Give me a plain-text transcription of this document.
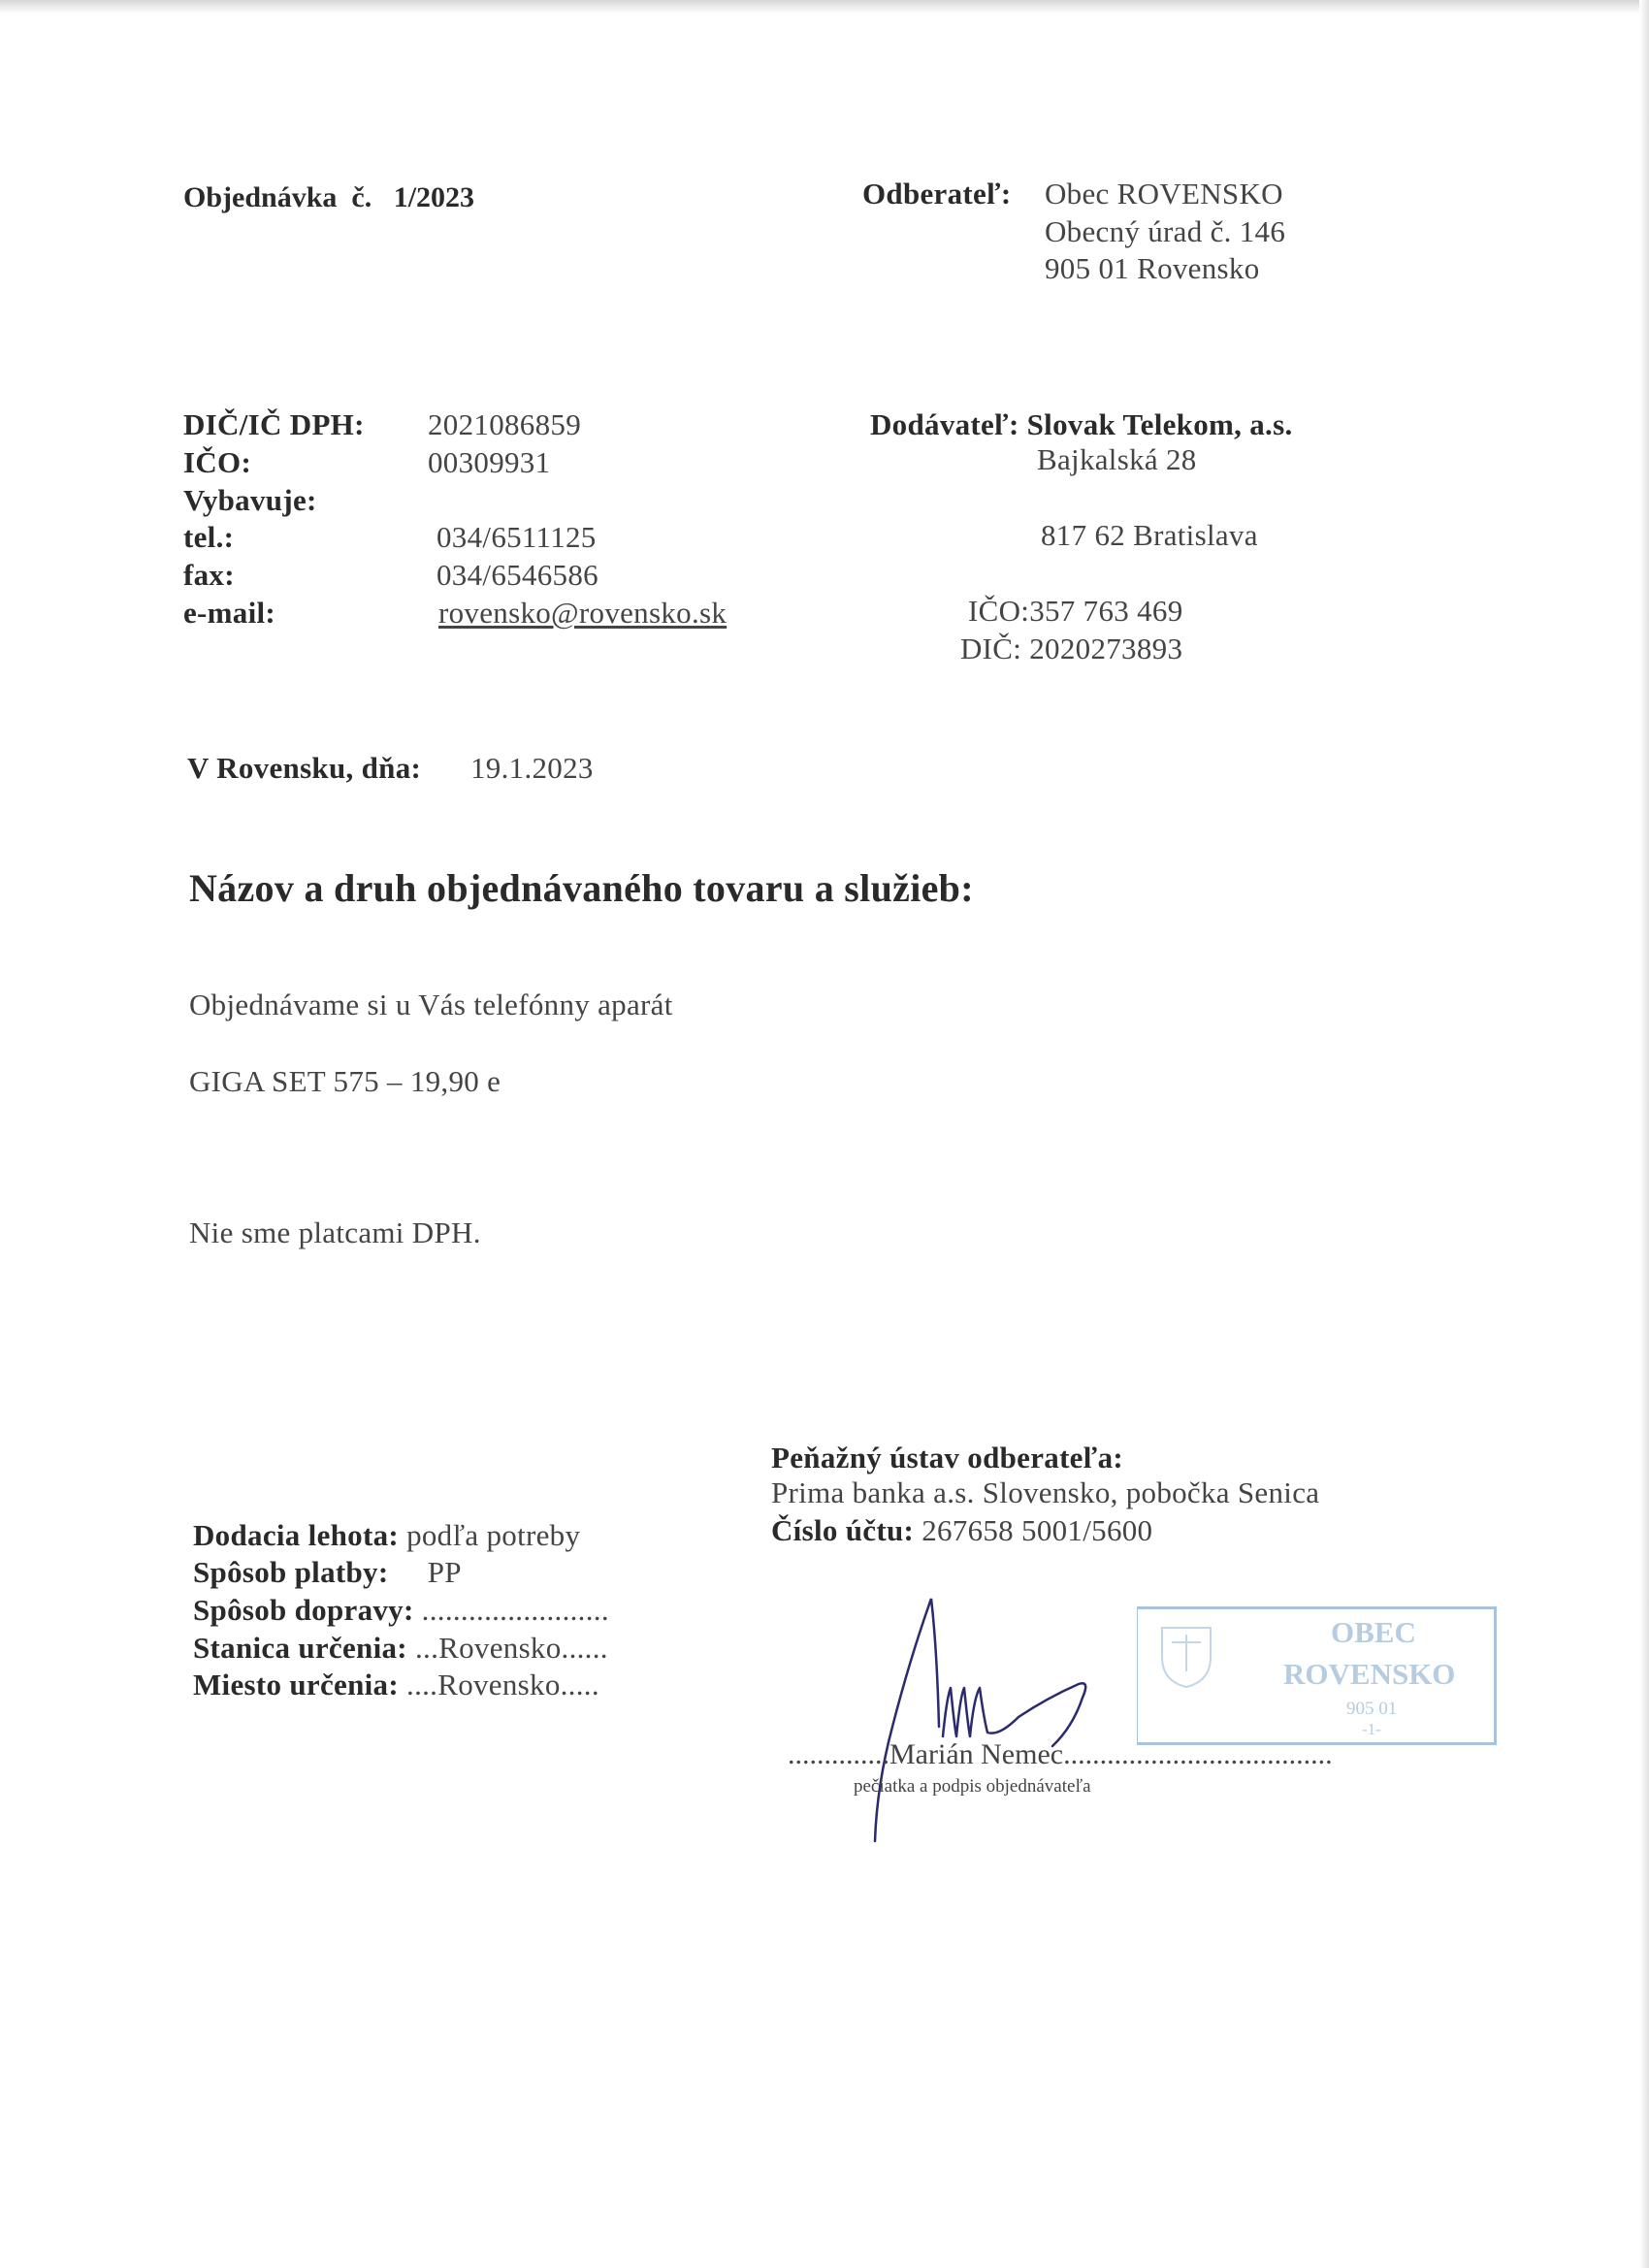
Objednávka č. 1/2023	Odberateľ: Obec ROVENSKO
Obecný úrad č. 146
905 01 Rovensko
DIČ/IČ DPH: 2021086859
IČO:	00309931
Vybavuje:
tel.:	034/6511125
fax:	034/6546586
e-mail:	rovensko@rovensko.sk
Dodávateľ: Slovak Telekom, a.s.
Bajkalská 28
817 62 Bratislava
IČO:357 763 469
DIČ: 2020273893
V Rovensku, dňa: 19.1.2023
Názov a druh objednávaného tovaru a služieb:
Objednávame si u Vás telefónny aparát
GIGA SET 575 – 19,90 e
Nie sme platcami DPH.
Peňažný ústav odberateľa:
Prima banka a.s. Slovensko, pobočka Senica
Číslo účtu: 267658 5001/5600
Dodacia lehota: podľa potreby
Spôsob platby: PP
Spôsob dopravy: ........................
Stanica určenia: ...Rovensko......
Miesto určenia: ....Rovensko.....
OBEC
ROVENSKO
905 01
-1-
..............Marián Nemec.....................................
pečiatka a podpis objednávateľa
